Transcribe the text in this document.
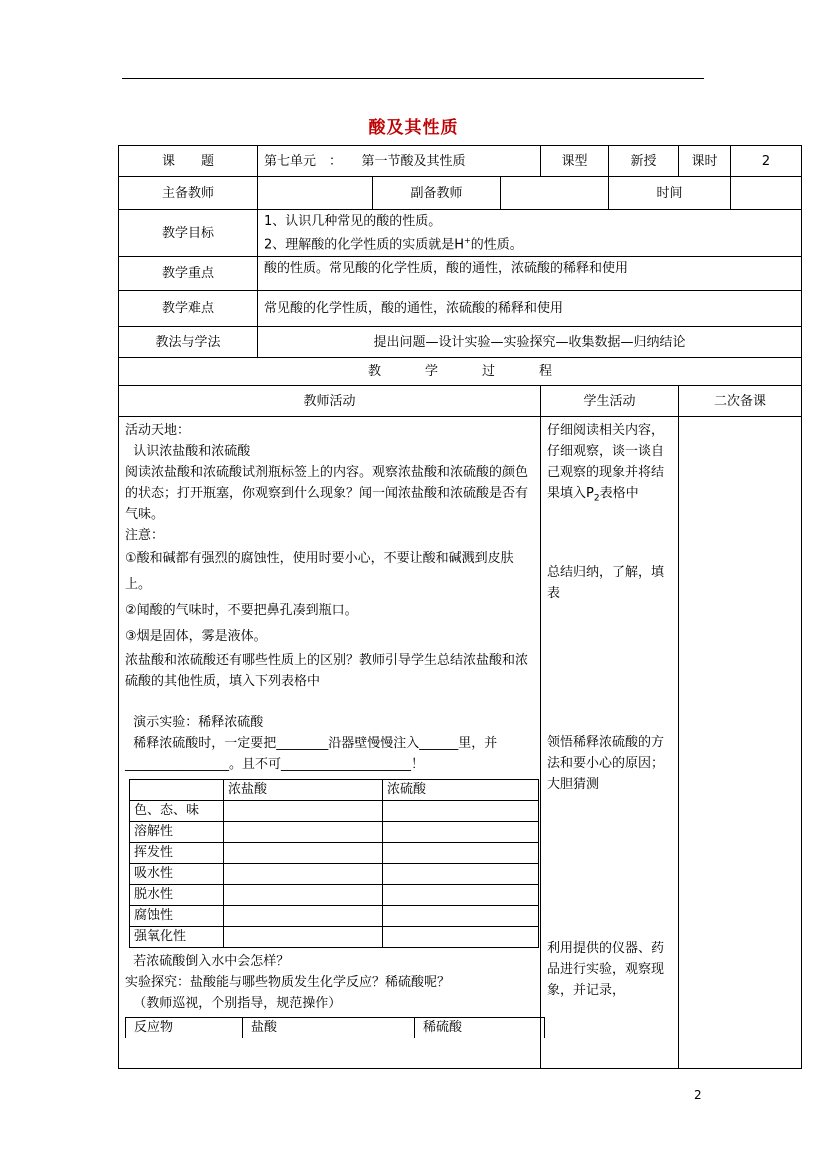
酸及其性质
课　　题	第七单元　：　　第一节酸及其性质	课型	新授	课时	2
主备教师		副备教师		时间	
教学目标	
1、认识几种常见的酸的性质。
2、理解酸的化学性质的实质就是H+的性质。

教学重点	酸的性质。常见酸的化学性质，酸的通性，浓硫酸的稀释和使用
教学难点	常见酸的化学性质，酸的通性，浓硫酸的稀释和使用
教法与学法	提出问题—设计实验—实验探究—收集数据—归纳结论
教	学	过	程
教师活动	学生活动	二次备课

活动天地：

认识浓盐酸和浓硫酸

阅读浓盐酸和浓硫酸试剂瓶标签上的内容。观察浓盐酸和浓硫酸的颜色的状态；打开瓶塞，你观察到什么现象？闻一闻浓盐酸和浓硫酸是否有气味。

注意：

①酸和碱都有强烈的腐蚀性，使用时要小心，不要让酸和碱溅到皮肤上。

②闻酸的气味时，不要把鼻孔凑到瓶口。

③烟是固体，雾是液体。

浓盐酸和浓硫酸还有哪些性质上的区别？教师引导学生总结浓盐酸和浓硫酸的其他性质，填入下列表格中

演示实验：稀释浓硫酸

稀释浓硫酸时，一定要把________沿器壁慢慢注入______里，并________________。且不可____________________！

	浓盐酸	浓硫酸
色、态、味		
溶解性		
挥发性		
吸水性		
脱水性		
腐蚀性		
强氧化性		

若浓硫酸倒入水中会怎样？

实验探究：盐酸能与哪些物质发生化学反应？稀硫酸呢？

（教师巡视，个别指导，规范操作）

反应物	盐酸	稀硫酸

仔细阅读相关内容，仔细观察，谈一谈自己观察的现象并将结果填入$P_2$表格中

总结归纳，了解，填表

领悟稀释浓硫酸的方法和要小心的原因；

大胆猜测

利用提供的仪器、药品进行实验，观察现象，并记录，

2
